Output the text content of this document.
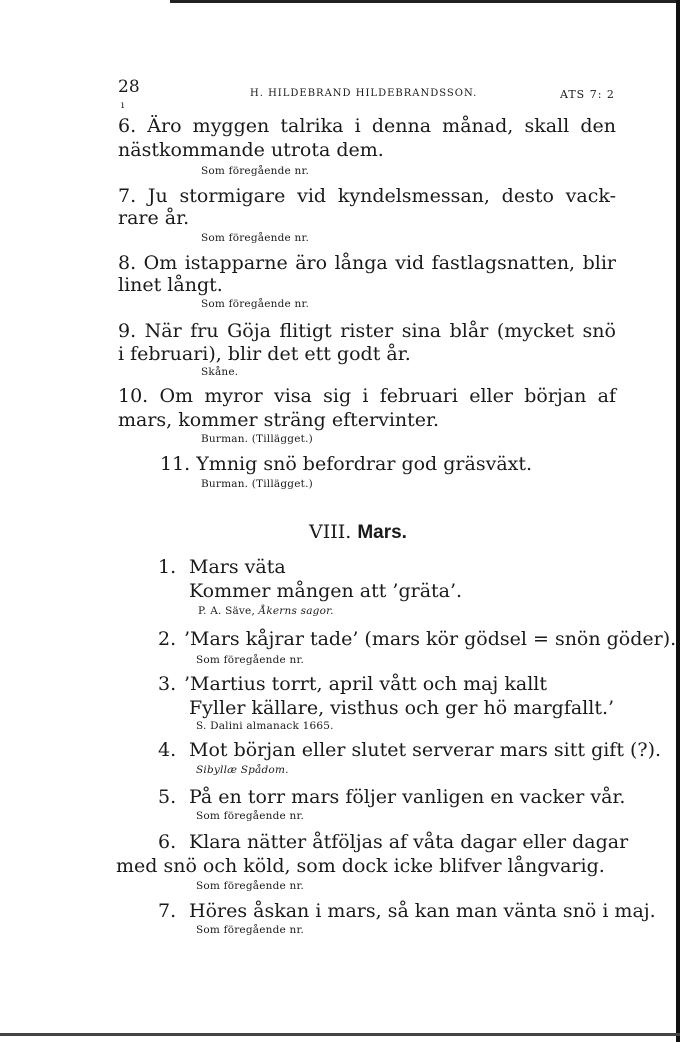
28	H. HILDEBRAND HILDEBRANDSSON.	ATS 7: 2
ı
6. Äro myggen talrika i denna månad, skall den
nästkommande utrota dem.
Som föregående nr.
7. Ju stormigare vid kyndelsmessan, desto vack-
rare år.
Som föregående nr.
8. Om istapparne äro långa vid fastlagsnatten, blir
linet långt.
Som föregående nr.
9. När fru Göja flitigt rister sina blår (mycket snö
i februari), blir det ett godt år.
Skåne.
10. Om myror visa sig i februari eller början af
mars, kommer sträng eftervinter.
Burman. (Tillägget.)
11. Ymnig snö befordrar god gräsväxt.
Burman. (Tillägget.)
VIII. Mars.
1. Mars väta
Kommer mången att ’gräta’.
P. A. Säve, Åkerns sagor.
2. ’Mars kåjrar tade’ (mars kör gödsel = snön göder).
Som föregående nr.
3. ’Martius torrt, april vått och maj kallt
Fyller källare, visthus och ger hö margfallt.’
S. Dalini almanack 1665.
4. Mot början eller slutet serverar mars sitt gift (?).
Sibyllæ Spådom.
5. På en torr mars följer vanligen en vacker vår.
Som föregående nr.
6. Klara nätter åtföljas af våta dagar eller dagar
med snö och köld, som dock icke blifver långvarig.
Som föregående nr.
7. Höres åskan i mars, så kan man vänta snö i maj.
Som föregående nr.
